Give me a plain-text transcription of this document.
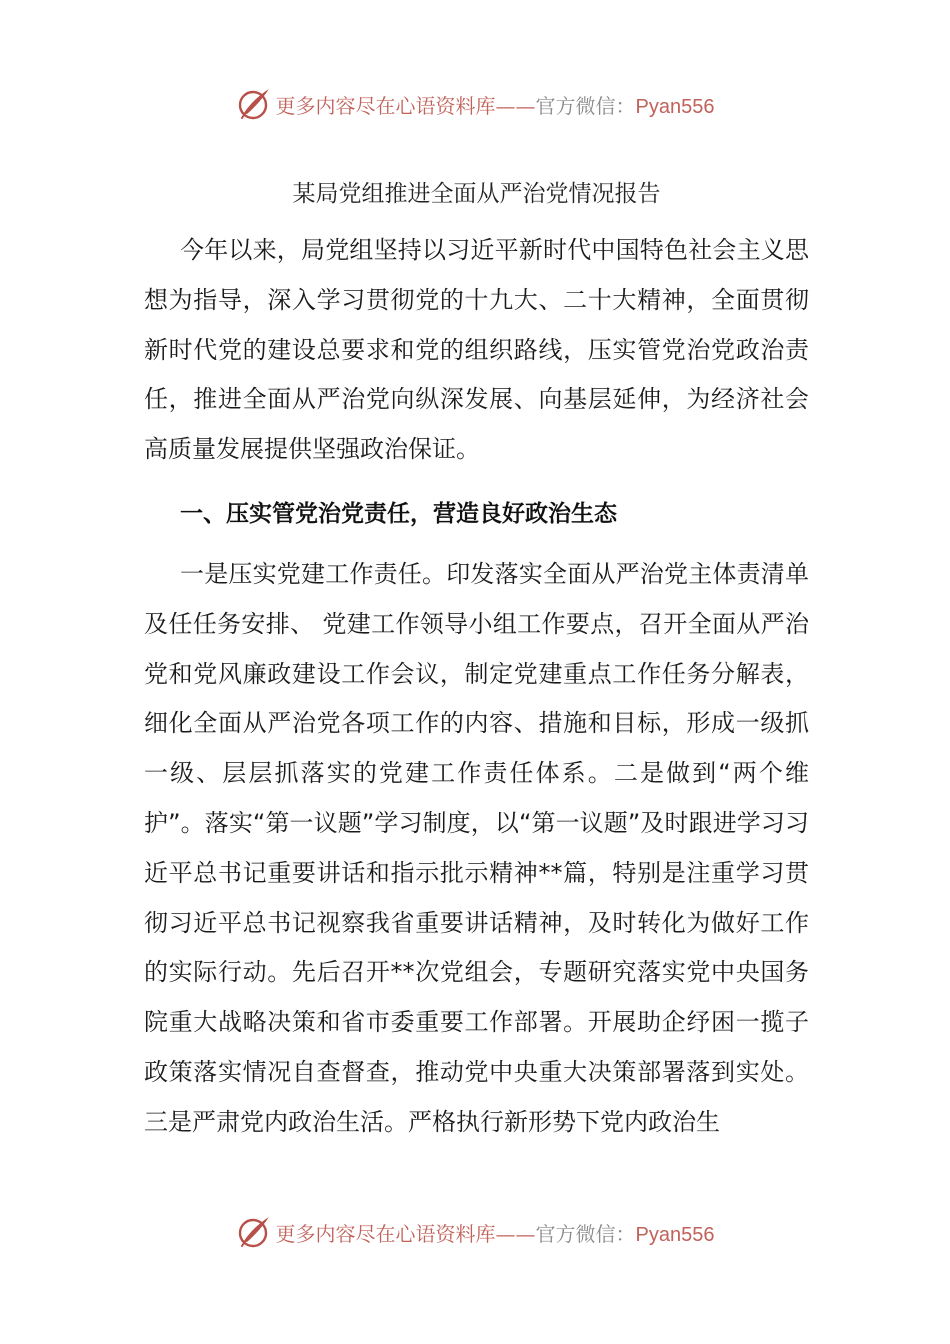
更多内容尽在心语资料库——官方微信：Pyan556
某局党组推进全面从严治党情况报告

今年以来，局党组坚持以习近平新时代中国特色社会主义思想为指导，深入学习贯彻党的十九大、二十大精神，全面贯彻新时代党的建设总要求和党的组织路线，压实管党治党政治责任，推进全面从严治党向纵深发展、向基层延伸，为经济社会高质量发展提供坚强政治保证。

一、压实管党治党责任，营造良好政治生态

一是压实党建工作责任。印发落实全面从严治党主体责清单及任任务安排、 党建工作领导小组工作要点，召开全面从严治党和党风廉政建设工作会议，制定党建重点工作任务分解表，细化全面从严治党各项工作的内容、措施和目标，形成一级抓一级、层层抓落实的党建工作责任体系。二是做到“两个维护”。落实“第一议题”学习制度，以“第一议题”及时跟进学习习近平总书记重要讲话和指示批示精神**篇，特别是注重学习贯彻习近平总书记视察我省重要讲话精神，及时转化为做好工作的实际行动。先后召开**次党组会，专题研究落实党中央国务院重大战略决策和省市委重要工作部署。开展助企纾困一揽子政策落实情况自查督查，推动党中央重大决策部署落到实处。三是严肃党内政治生活。严格执行新形势下党内政治生

更多内容尽在心语资料库——官方微信：Pyan556
